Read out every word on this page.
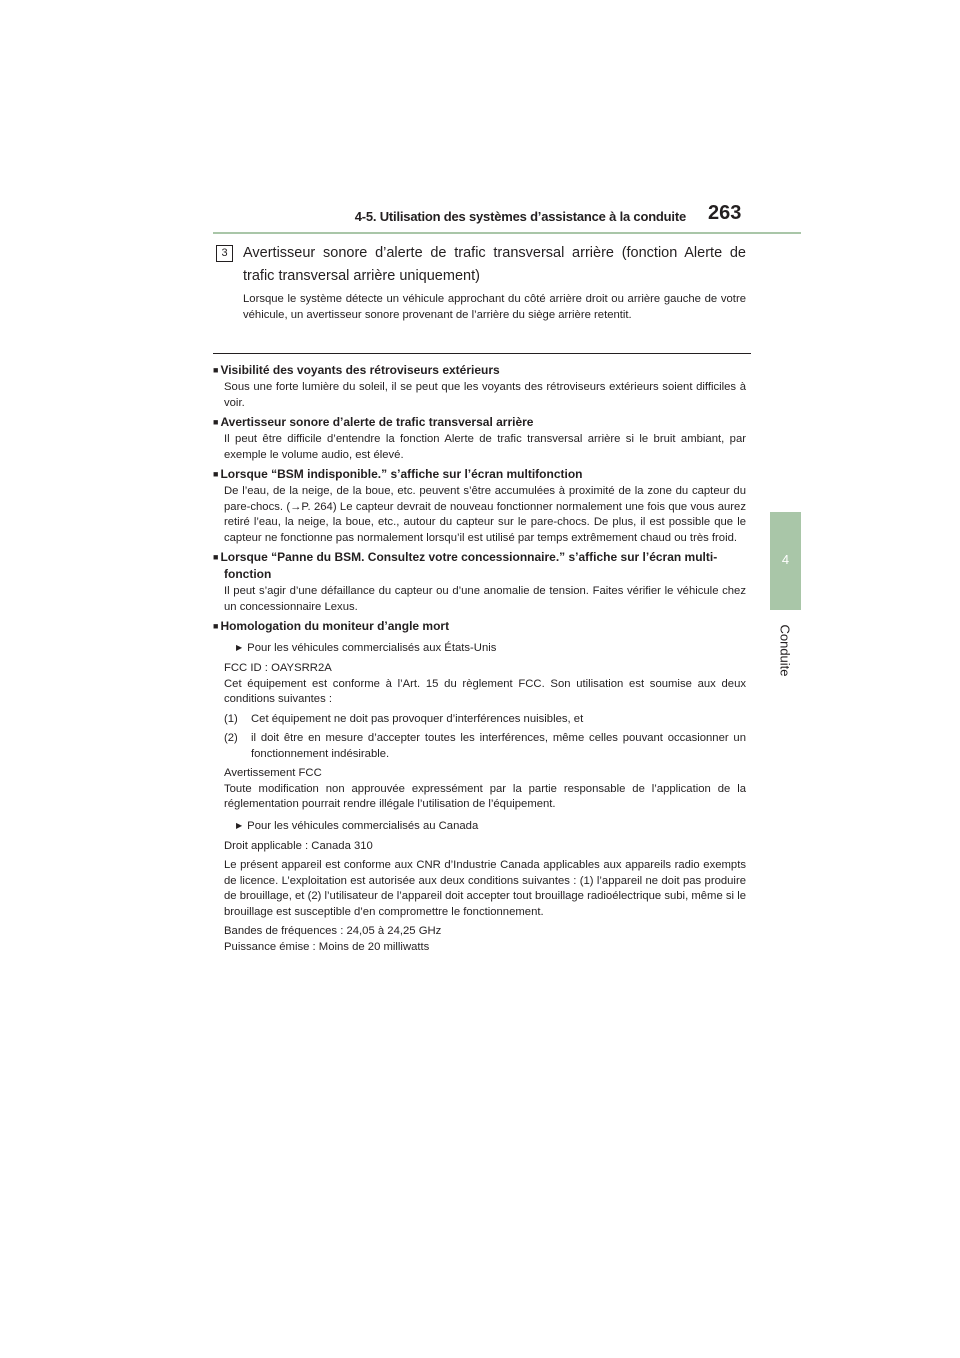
4-5. Utilisation des systèmes d’assistance à la conduite 263
4
Conduite
3	Avertisseur sonore d’alerte de trafic transversal arrière (fonction Alerte de trafic transversal arrière uniquement)
Lorsque le système détecte un véhicule approchant du côté arrière droit ou arrière gauche de votre véhicule, un avertisseur sonore provenant de l’arrière du siège arrière retentit.
■ Visibilité des voyants des rétroviseurs extérieurs
Sous une forte lumière du soleil, il se peut que les voyants des rétroviseurs extérieurs soient difficiles à voir.
■ Avertisseur sonore d’alerte de trafic transversal arrière
Il peut être difficile d’entendre la fonction Alerte de trafic transversal arrière si le bruit ambiant, par exemple le volume audio, est élevé.
■ Lorsque “BSM indisponible.” s’affiche sur l’écran multifonction
De l’eau, de la neige, de la boue, etc. peuvent s’être accumulées à proximité de la zone du capteur du pare-chocs. (→P. 264) Le capteur devrait de nouveau fonctionner normalement une fois que vous aurez retiré l’eau, la neige, la boue, etc., autour du capteur sur le pare-chocs. De plus, il est possible que le capteur ne fonctionne pas normalement lorsqu’il est utilisé par temps extrêmement chaud ou très froid.
■ Lorsque “Panne du BSM. Consultez votre concessionnaire.” s’affiche sur l’écran multi-fonction
Il peut s’agir d’une défaillance du capteur ou d’une anomalie de tension. Faites vérifier le véhicule chez un concessionnaire Lexus.
■ Homologation du moniteur d’angle mort
▶ Pour les véhicules commercialisés aux États-Unis
FCC ID : OAYSRR2A
Cet équipement est conforme à l’Art. 15 du règlement FCC. Son utilisation est soumise aux deux conditions suivantes :
(1)	Cet équipement ne doit pas provoquer d’interférences nuisibles, et
(2)	il doit être en mesure d’accepter toutes les interférences, même celles pouvant occasionner un fonctionnement indésirable.
Avertissement FCC
Toute modification non approuvée expressément par la partie responsable de l’application de la réglementation pourrait rendre illégale l’utilisation de l’équipement.
▶ Pour les véhicules commercialisés au Canada
Droit applicable : Canada 310
Le présent appareil est conforme aux CNR d’Industrie Canada applicables aux appareils radio exempts de licence. L’exploitation est autorisée aux deux conditions suivantes : (1) l’appareil ne doit pas produire de brouillage, et (2) l’utilisateur de l’appareil doit accepter tout brouillage radioélectrique subi, même si le brouillage est susceptible d’en compromettre le fonctionnement.
Bandes de fréquences : 24,05 à 24,25 GHz
Puissance émise : Moins de 20 milliwatts
